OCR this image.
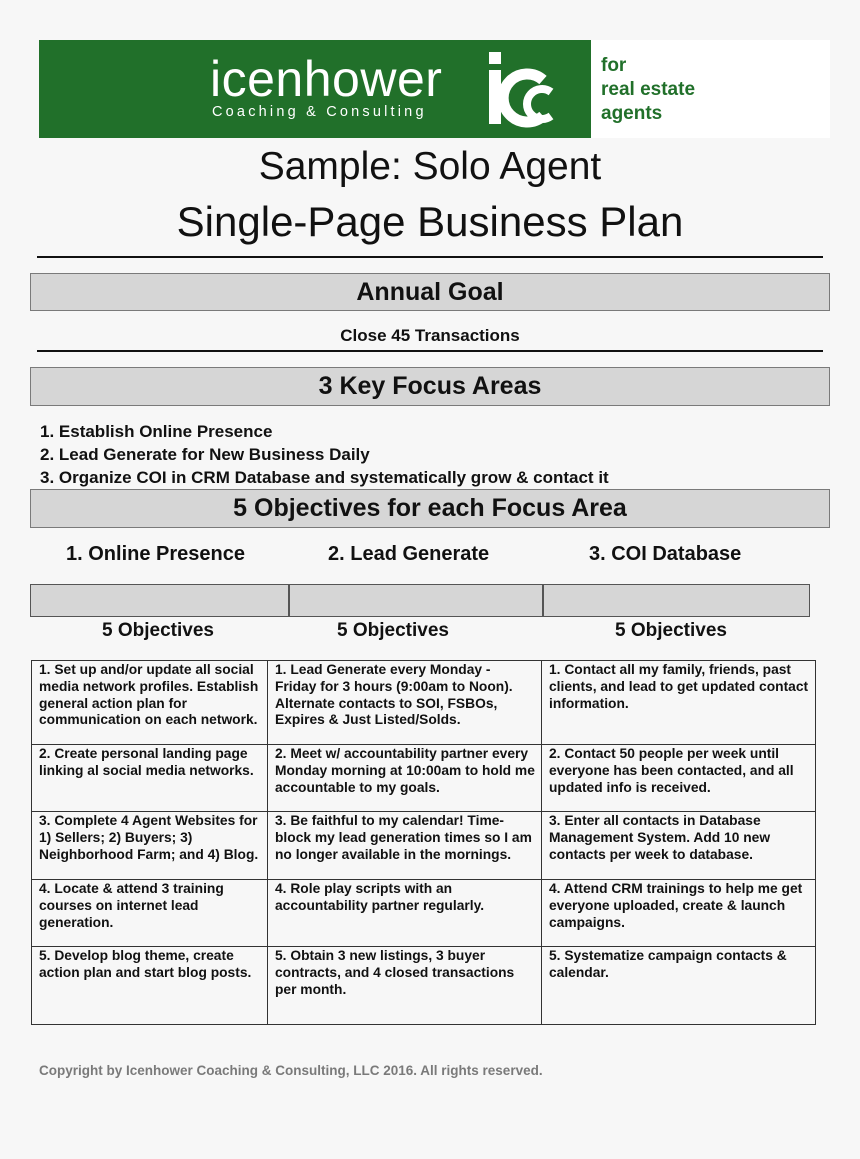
icenhower
Coaching & Consulting
for
real estate
agents
Sample: Solo Agent
Single-Page Business Plan
Annual Goal
Close 45 Transactions
3 Key Focus Areas
1. Establish Online Presence
2. Lead Generate for New Business Daily
3. Organize COI in CRM Database and systematically grow & contact it
5 Objectives for each Focus Area
1. Online Presence	2. Lead Generate	3. COI Database
5 Objectives	5 Objectives	5 Objectives
1. Set up and/or update all social media network profiles. Establish general action plan for communication on each network.	1. Lead Generate every Monday - Friday for 3 hours (9:00am to Noon). Alternate contacts to SOI, FSBOs, Expires & Just Listed/Solds.	1. Contact all my family, friends, past clients, and lead to get updated contact information.
2. Create personal landing page linking al social media networks.	2. Meet w/ accountability partner every Monday morning at 10:00am to hold me accountable to my goals.	2. Contact 50 people per week until everyone has been contacted, and all updated info is received.
3. Complete 4 Agent Websites for 1) Sellers; 2) Buyers; 3) Neighborhood Farm; and 4) Blog.	3. Be faithful to my calendar! Time-block my lead generation times so I am no longer available in the mornings.	3. Enter all contacts in Database Management System. Add 10 new contacts per week to database.
4. Locate & attend 3 training courses on internet lead generation.	4. Role play scripts with an accountability partner regularly.	4. Attend CRM trainings to help me get everyone uploaded, create & launch campaigns.
5. Develop blog theme, create action plan and start blog posts.	5. Obtain 3 new listings, 3 buyer contracts, and 4 closed transactions per month.	5. Systematize campaign contacts & calendar.
Copyright by Icenhower Coaching & Consulting, LLC 2016. All rights reserved.
